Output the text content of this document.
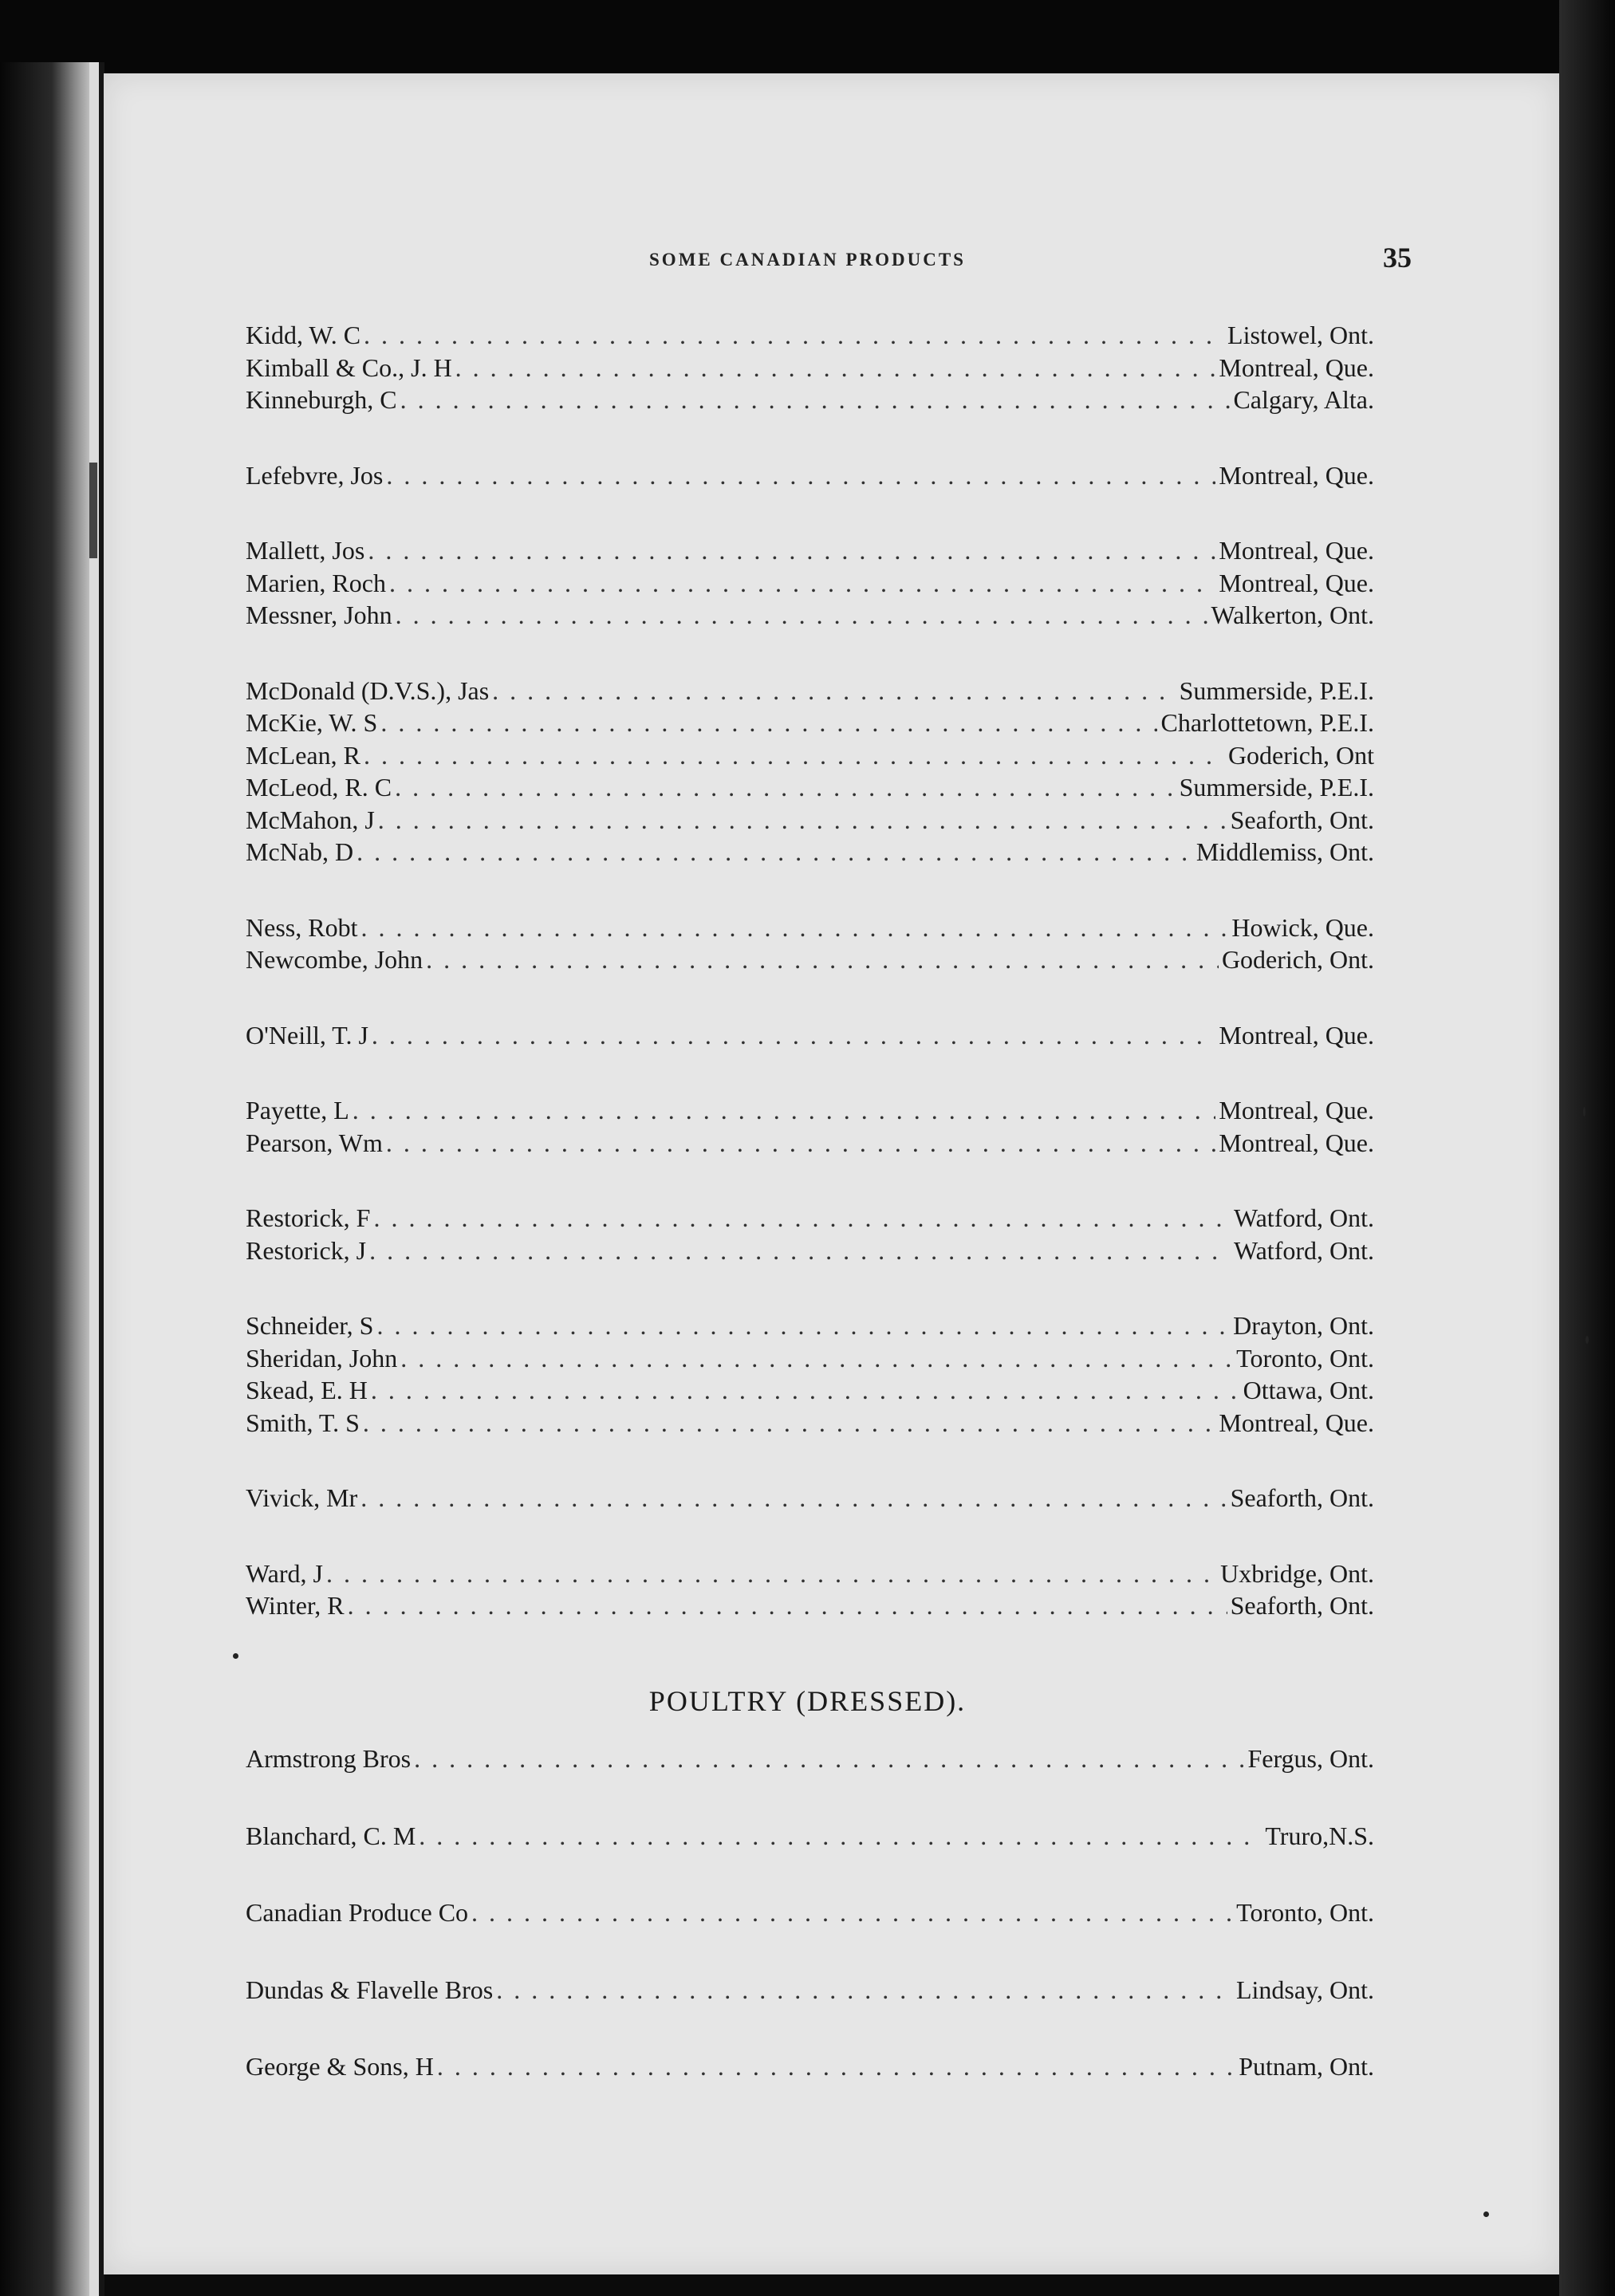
SOME CANADIAN PRODUCTS	35
Kidd, W. C . . .	Listowel, Ont.
Kimball & Co., J. H . . .	Montreal, Que.
Kinneburgh, C . . .	Calgary, Alta.
Lefebvre, Jos . . .	Montreal, Que.
Mallett, Jos . . .	Montreal, Que.
Marien, Roch . . .	Montreal, Que.
Messner, John . . .	Walkerton, Ont.
McDonald (D.V.S.), Jas . . .	Summerside, P.E.I.
McKie, W. S . . .	Charlottetown, P.E.I.
McLean, R . . .	Goderich, Ont
McLeod, R. C . . .	Summerside, P.E.I.
McMahon, J . . .	Seaforth, Ont.
McNab, D . . .	Middlemiss, Ont.
Ness, Robt . . .	Howick, Que.
Newcombe, John . . .	Goderich, Ont.
O'Neill, T. J . . .	Montreal, Que.
Payette, L . . .	Montreal, Que.
Pearson, Wm . . .	Montreal, Que.
Restorick, F . . .	Watford, Ont.
Restorick, J . . .	Watford, Ont.
Schneider, S . . .	Drayton, Ont.
Sheridan, John . . .	Toronto, Ont.
Skead, E. H . . .	Ottawa, Ont.
Smith, T. S . . .	Montreal, Que.
Vivick, Mr . . .	Seaforth, Ont.
Ward, J . . .	Uxbridge, Ont.
Winter, R . . .	Seaforth, Ont.
POULTRY (DRESSED).
Armstrong Bros . . .	Fergus, Ont.
Blanchard, C. M . . .	Truro,N.S.
Canadian Produce Co . . .	Toronto, Ont.
Dundas & Flavelle Bros . . .	Lindsay, Ont.
George & Sons, H . . .	Putnam, Ont.
